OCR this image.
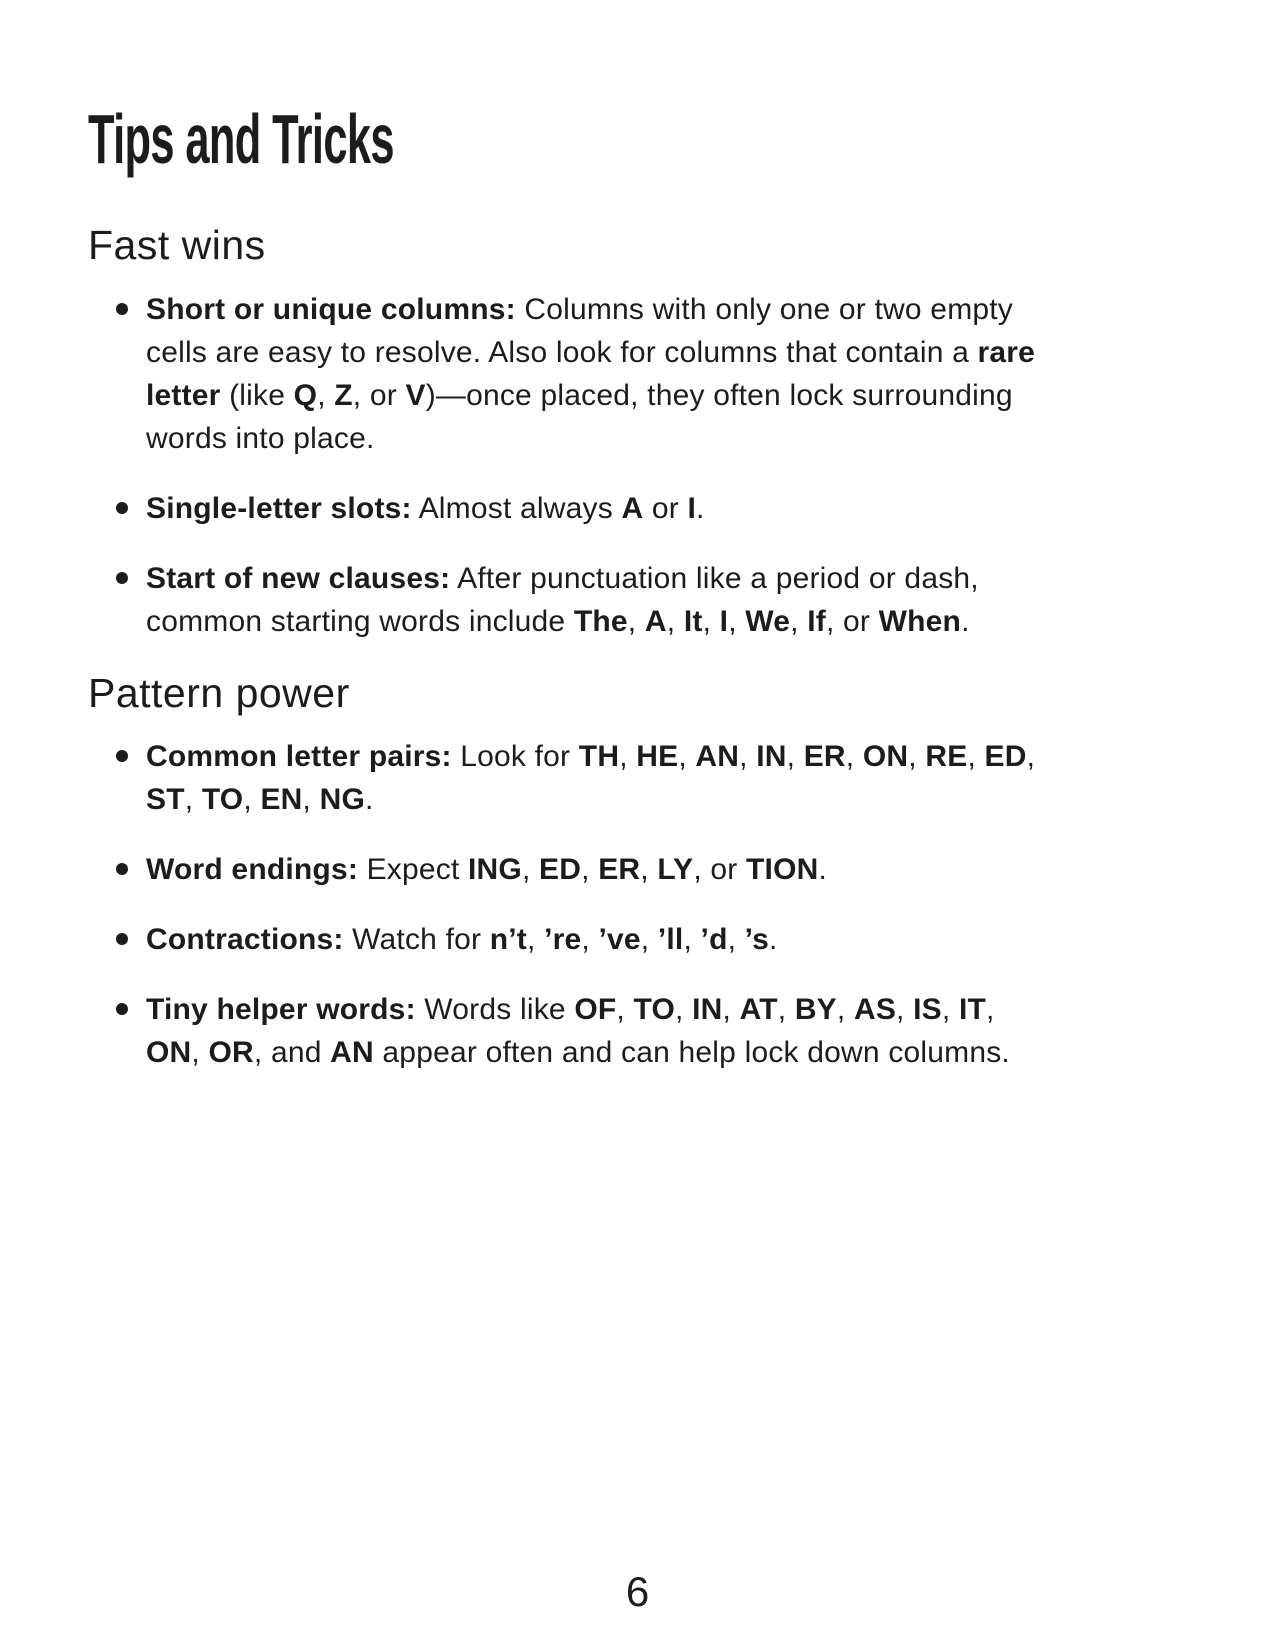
Tips and Tricks
Fast wins
Short or unique columns: Columns with only one or two empty cells are easy to resolve. Also look for columns that contain a rare letter (like Q, Z, or V)—once placed, they often lock surrounding words into place.
Single-letter slots: Almost always A or I.
Start of new clauses: After punctuation like a period or dash, common starting words include The, A, It, I, We, If, or When.
Pattern power
Common letter pairs: Look for TH, HE, AN, IN, ER, ON, RE, ED, ST, TO, EN, NG.
Word endings: Expect ING, ED, ER, LY, or TION.
Contractions: Watch for n’t, ’re, ’ve, ’ll, ’d, ’s.
Tiny helper words: Words like OF, TO, IN, AT, BY, AS, IS, IT, ON, OR, and AN appear often and can help lock down columns.
6
